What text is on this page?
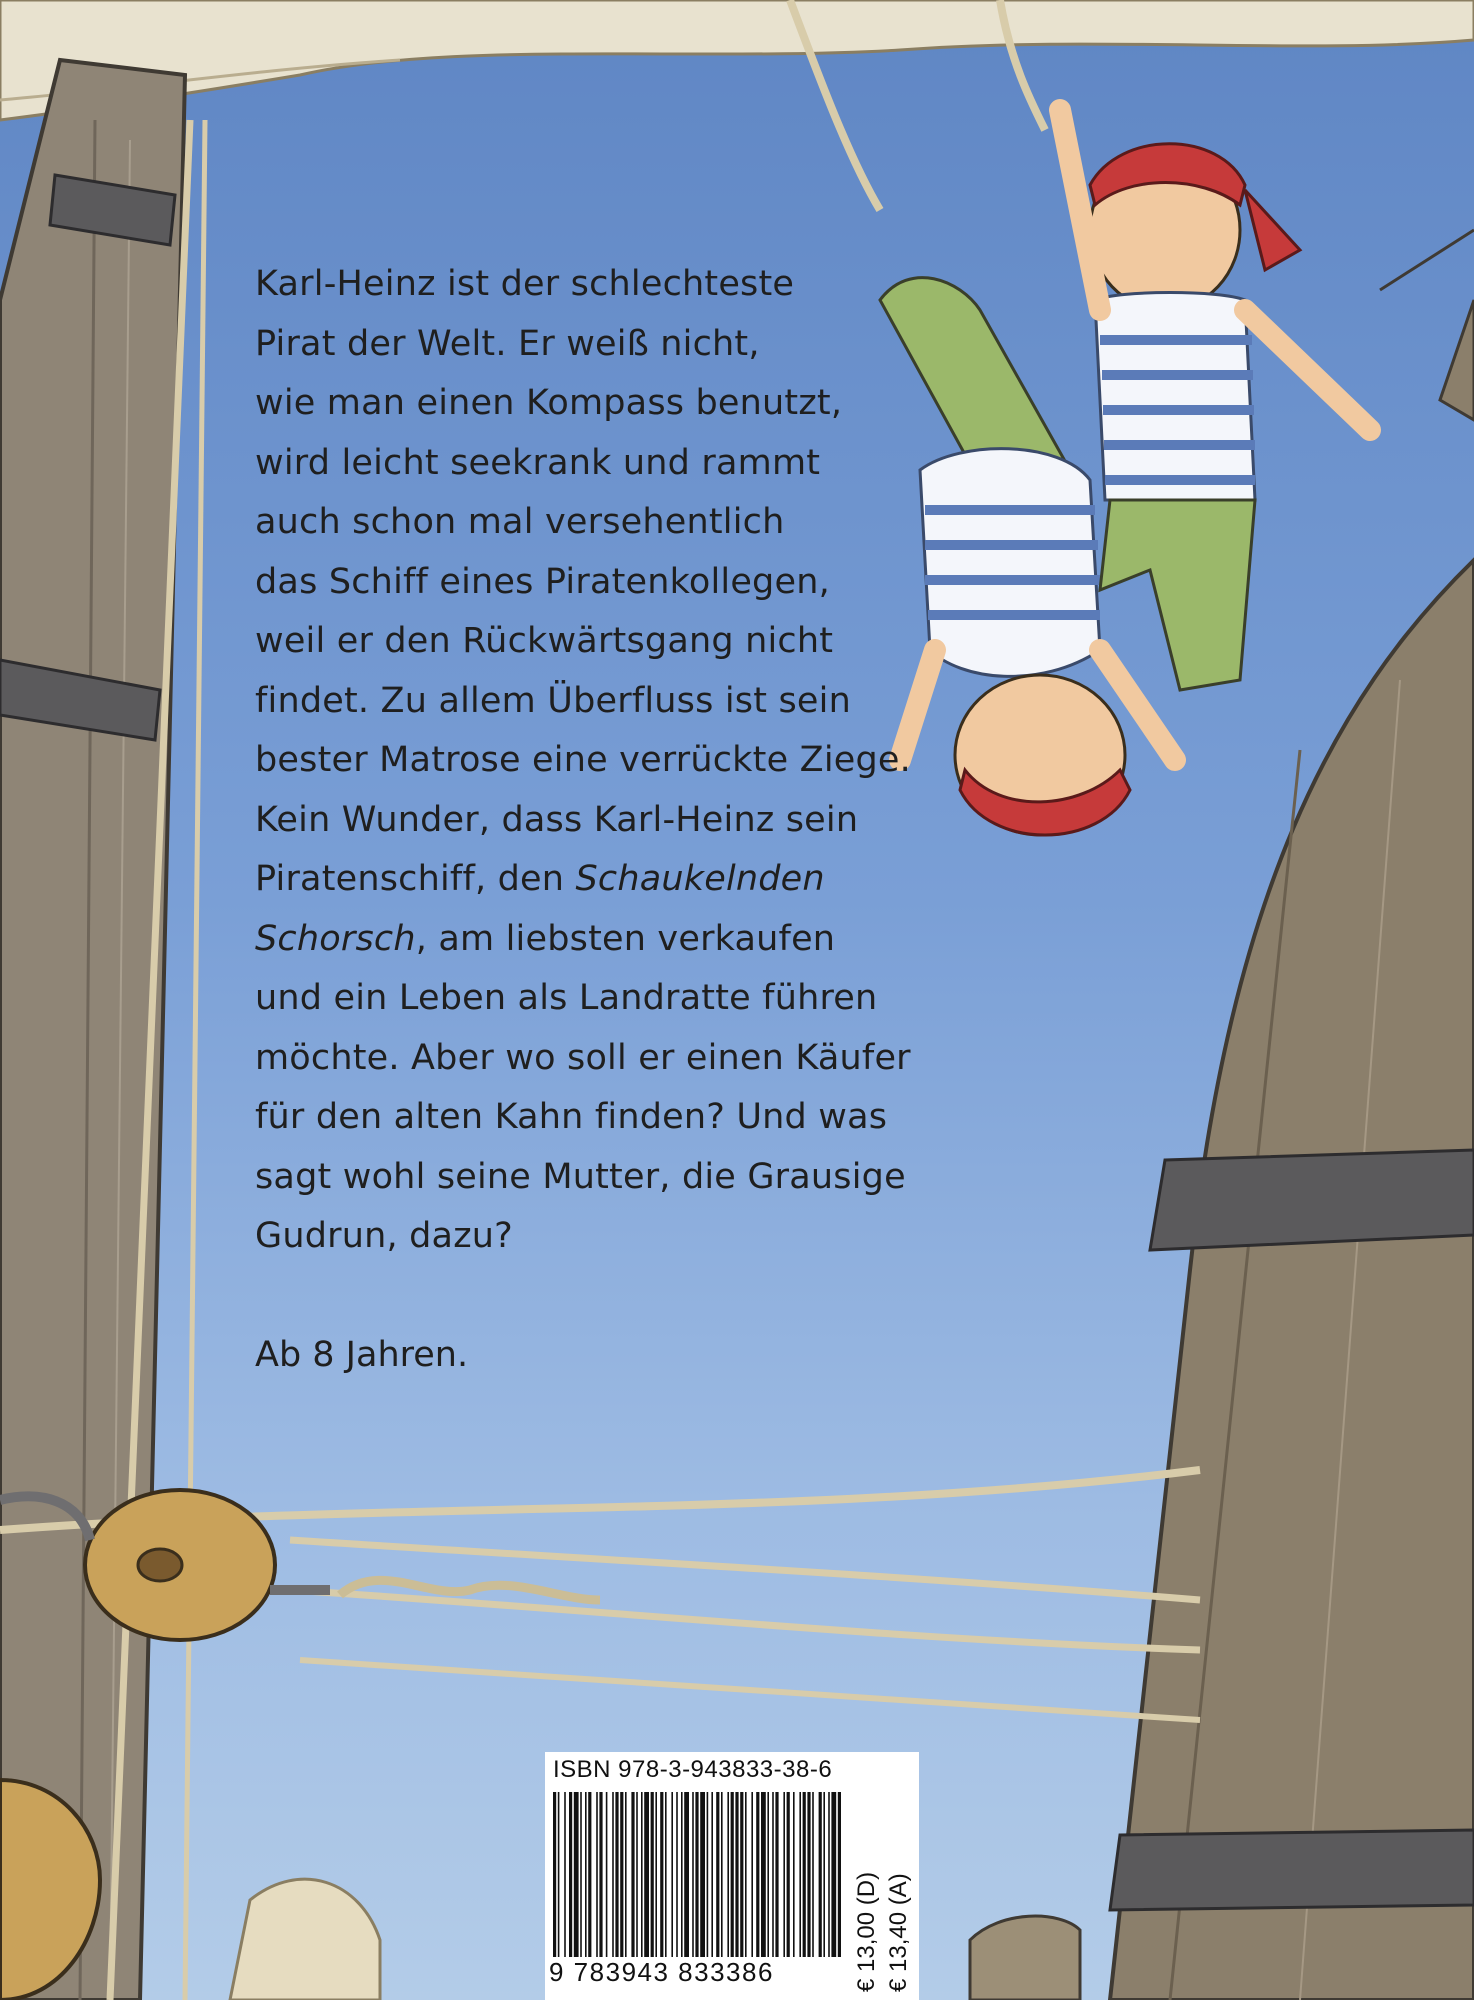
Karl-Heinz ist der schlechteste
Pirat der Welt. Er weiß nicht,
wie man einen Kompass benutzt,
wird leicht seekrank und rammt
auch schon mal versehentlich
das Schiff eines Piratenkollegen,
weil er den Rückwärtsgang nicht
findet. Zu allem Überfluss ist sein
bester Matrose eine verrückte Ziege.
Kein Wunder, dass Karl-Heinz sein
Piratenschiff, den Schaukelnden
Schorsch, am liebsten verkaufen
und ein Leben als Landratte führen
möchte. Aber wo soll er einen Käufer
für den alten Kahn finden? Und was
sagt wohl seine Mutter, die Grausige
Gudrun, dazu?
Ab 8 Jahren.
ISBN 978-3-943833-38-6
9 783943 833386	€ 13,00 (D) € 13,40 (A)
